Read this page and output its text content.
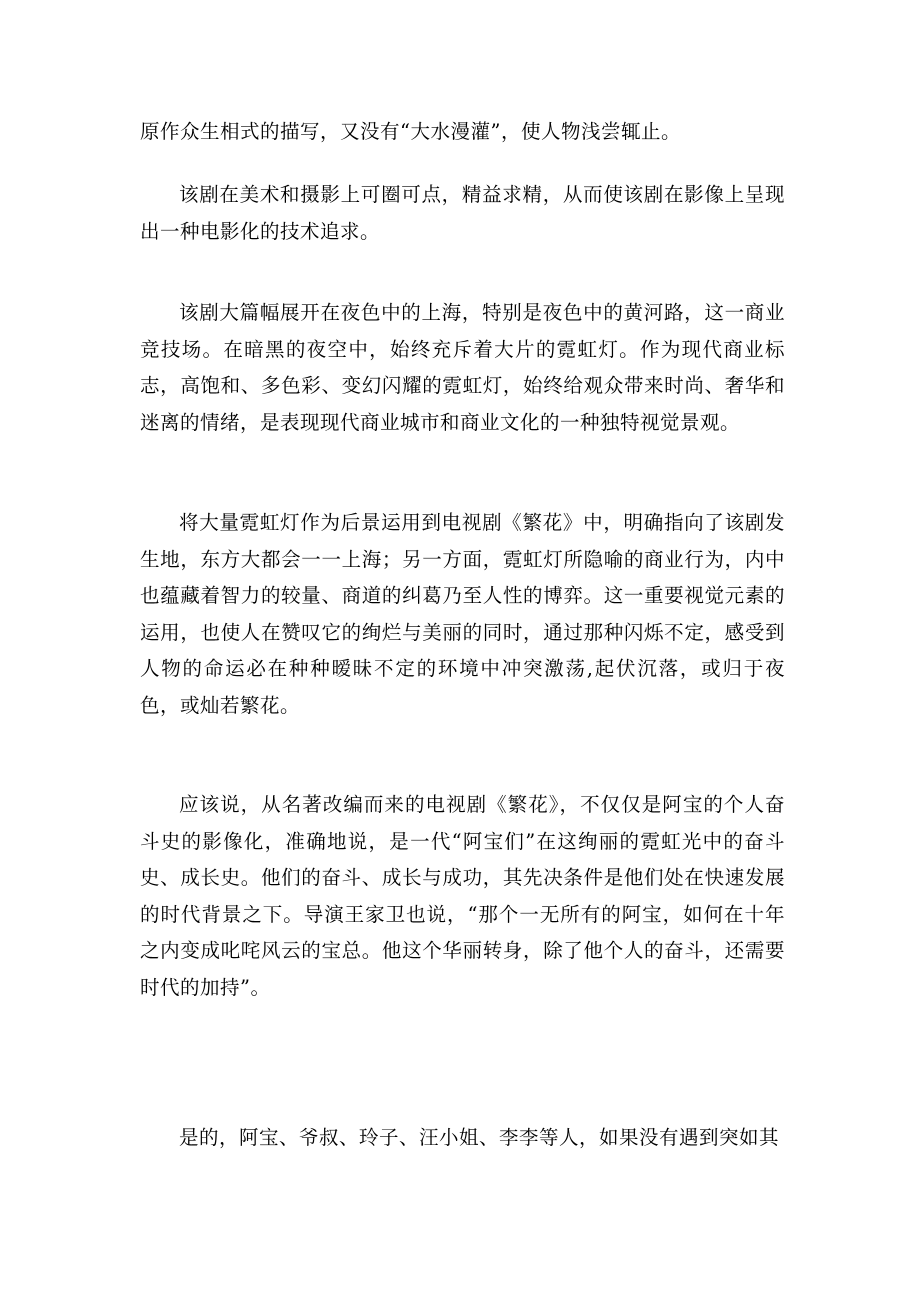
原作众生相式的描写，又没有“大水漫灌”，使人物浅尝辄止。

该剧在美术和摄影上可圈可点，精益求精，从而使该剧在影像上呈现出一种电影化的技术追求。

该剧大篇幅展开在夜色中的上海，特别是夜色中的黄河路，这一商业竞技场。在暗黑的夜空中，始终充斥着大片的霓虹灯。作为现代商业标志，高饱和、多色彩、变幻闪耀的霓虹灯，始终给观众带来时尚、奢华和迷离的情绪，是表现现代商业城市和商业文化的一种独特视觉景观。

将大量霓虹灯作为后景运用到电视剧《繁花》中，明确指向了该剧发生地，东方大都会一一上海；另一方面，霓虹灯所隐喻的商业行为，内中也蕴藏着智力的较量、商道的纠葛乃至人性的博弈。这一重要视觉元素的运用，也使人在赞叹它的绚烂与美丽的同时，通过那种闪烁不定，感受到人物的命运必在种种暧昧不定的环境中冲突激荡,起伏沉落，或归于夜色，或灿若繁花。

应该说，从名著改编而来的电视剧《繁花》，不仅仅是阿宝的个人奋斗史的影像化，准确地说，是一代“阿宝们”在这绚丽的霓虹光中的奋斗史、成长史。他们的奋斗、成长与成功，其先决条件是他们处在快速发展的时代背景之下。导演王家卫也说，“那个一无所有的阿宝，如何在十年之内变成叱咤风云的宝总。他这个华丽转身，除了他个人的奋斗，还需要时代的加持”。

是的，阿宝、爷叔、玲子、汪小姐、李李等人，如果没有遇到突如其
